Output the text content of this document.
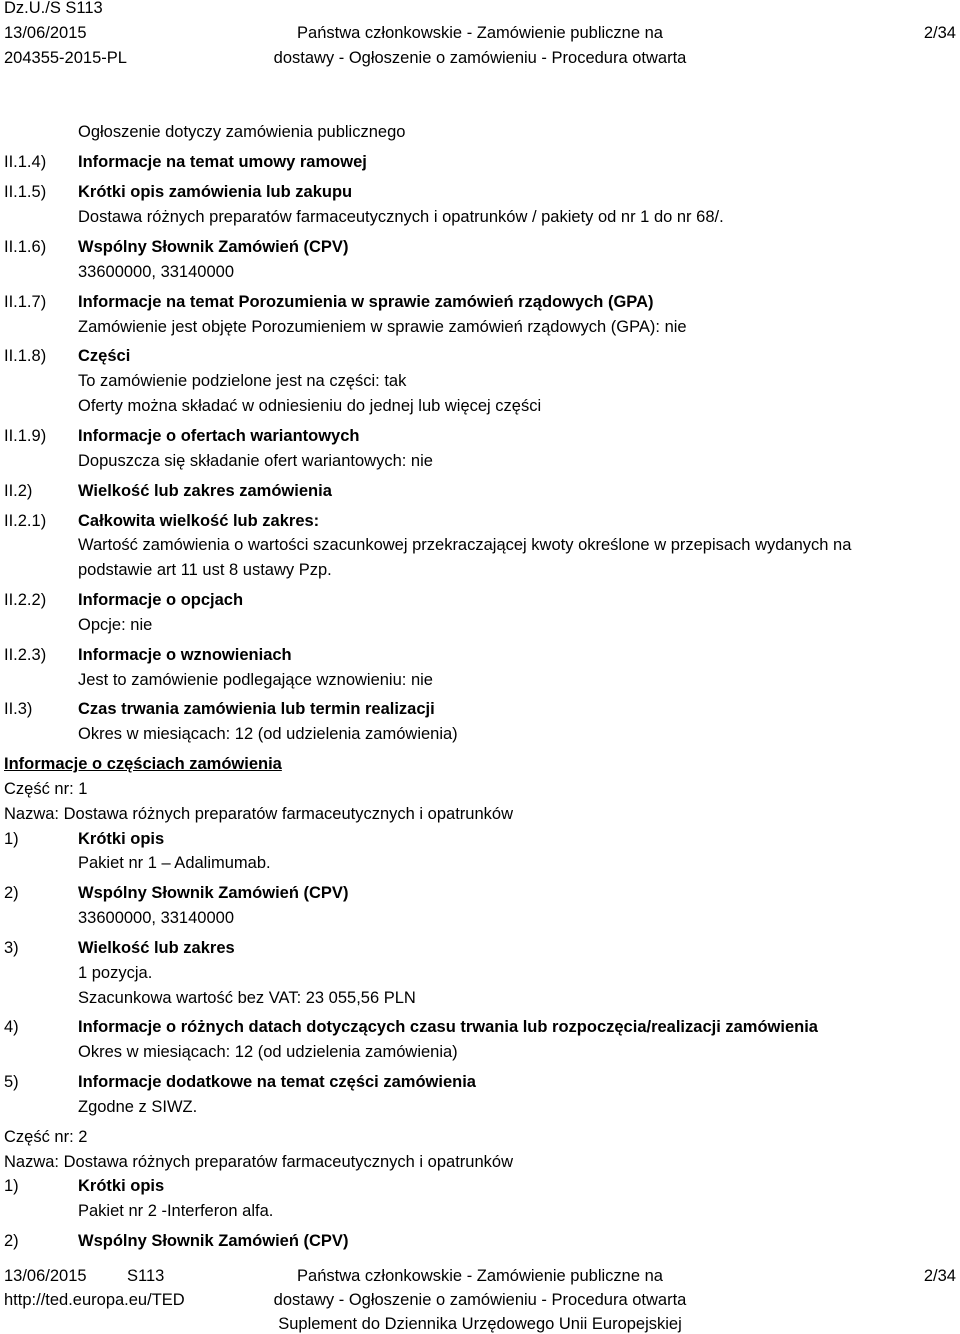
Dz.U./S S113
13/06/2015
204355-2015-PL
Państwa członkowskie - Zamówienie publiczne na
dostawy - Ogłoszenie o zamówieniu - Procedura otwarta
2/34
Ogłoszenie dotyczy zamówienia publicznego
II.1.4) Informacje na temat umowy ramowej
II.1.5) Krótki opis zamówienia lub zakupu
Dostawa różnych preparatów farmaceutycznych i opatrunków / pakiety od nr 1 do nr 68/.
II.1.6) Wspólny Słownik Zamówień (CPV)
33600000, 33140000
II.1.7) Informacje na temat Porozumienia w sprawie zamówień rządowych (GPA)
Zamówienie jest objęte Porozumieniem w sprawie zamówień rządowych (GPA): nie
II.1.8) Części
To zamówienie podzielone jest na części: tak
Oferty można składać w odniesieniu do jednej lub więcej części
II.1.9) Informacje o ofertach wariantowych
Dopuszcza się składanie ofert wariantowych: nie
II.2)	Wielkość lub zakres zamówienia
II.2.1) Całkowita wielkość lub zakres:
Wartość zamówienia o wartości szacunkowej przekraczającej kwoty określone w przepisach wydanych na podstawie art 11 ust 8 ustawy Pzp.
II.2.2) Informacje o opcjach
Opcje: nie
II.2.3) Informacje o wznowieniach
Jest to zamówienie podlegające wznowieniu: nie
II.3)	Czas trwania zamówienia lub termin realizacji
Okres w miesiącach: 12 (od udzielenia zamówienia)
Informacje o częściach zamówienia
Część nr: 1
Nazwa: Dostawa różnych preparatów farmaceutycznych i opatrunków
1)	Krótki opis
Pakiet nr 1 – Adalimumab.
2)	Wspólny Słownik Zamówień (CPV)
33600000, 33140000
3)	Wielkość lub zakres
1 pozycja.
Szacunkowa wartość bez VAT: 23 055,56 PLN
4)	Informacje o różnych datach dotyczących czasu trwania lub rozpoczęcia/realizacji zamówienia
Okres w miesiącach: 12 (od udzielenia zamówienia)
5)	Informacje dodatkowe na temat części zamówienia
Zgodne z SIWZ.
Część nr: 2
Nazwa: Dostawa różnych preparatów farmaceutycznych i opatrunków
1)	Krótki opis
Pakiet nr 2 -Interferon alfa.
2)	Wspólny Słownik Zamówień (CPV)
13/06/2015 S113
http://ted.europa.eu/TED
Państwa członkowskie - Zamówienie publiczne na
dostawy - Ogłoszenie o zamówieniu - Procedura otwarta
Suplement do Dziennika Urzędowego Unii Europejskiej
2/34
